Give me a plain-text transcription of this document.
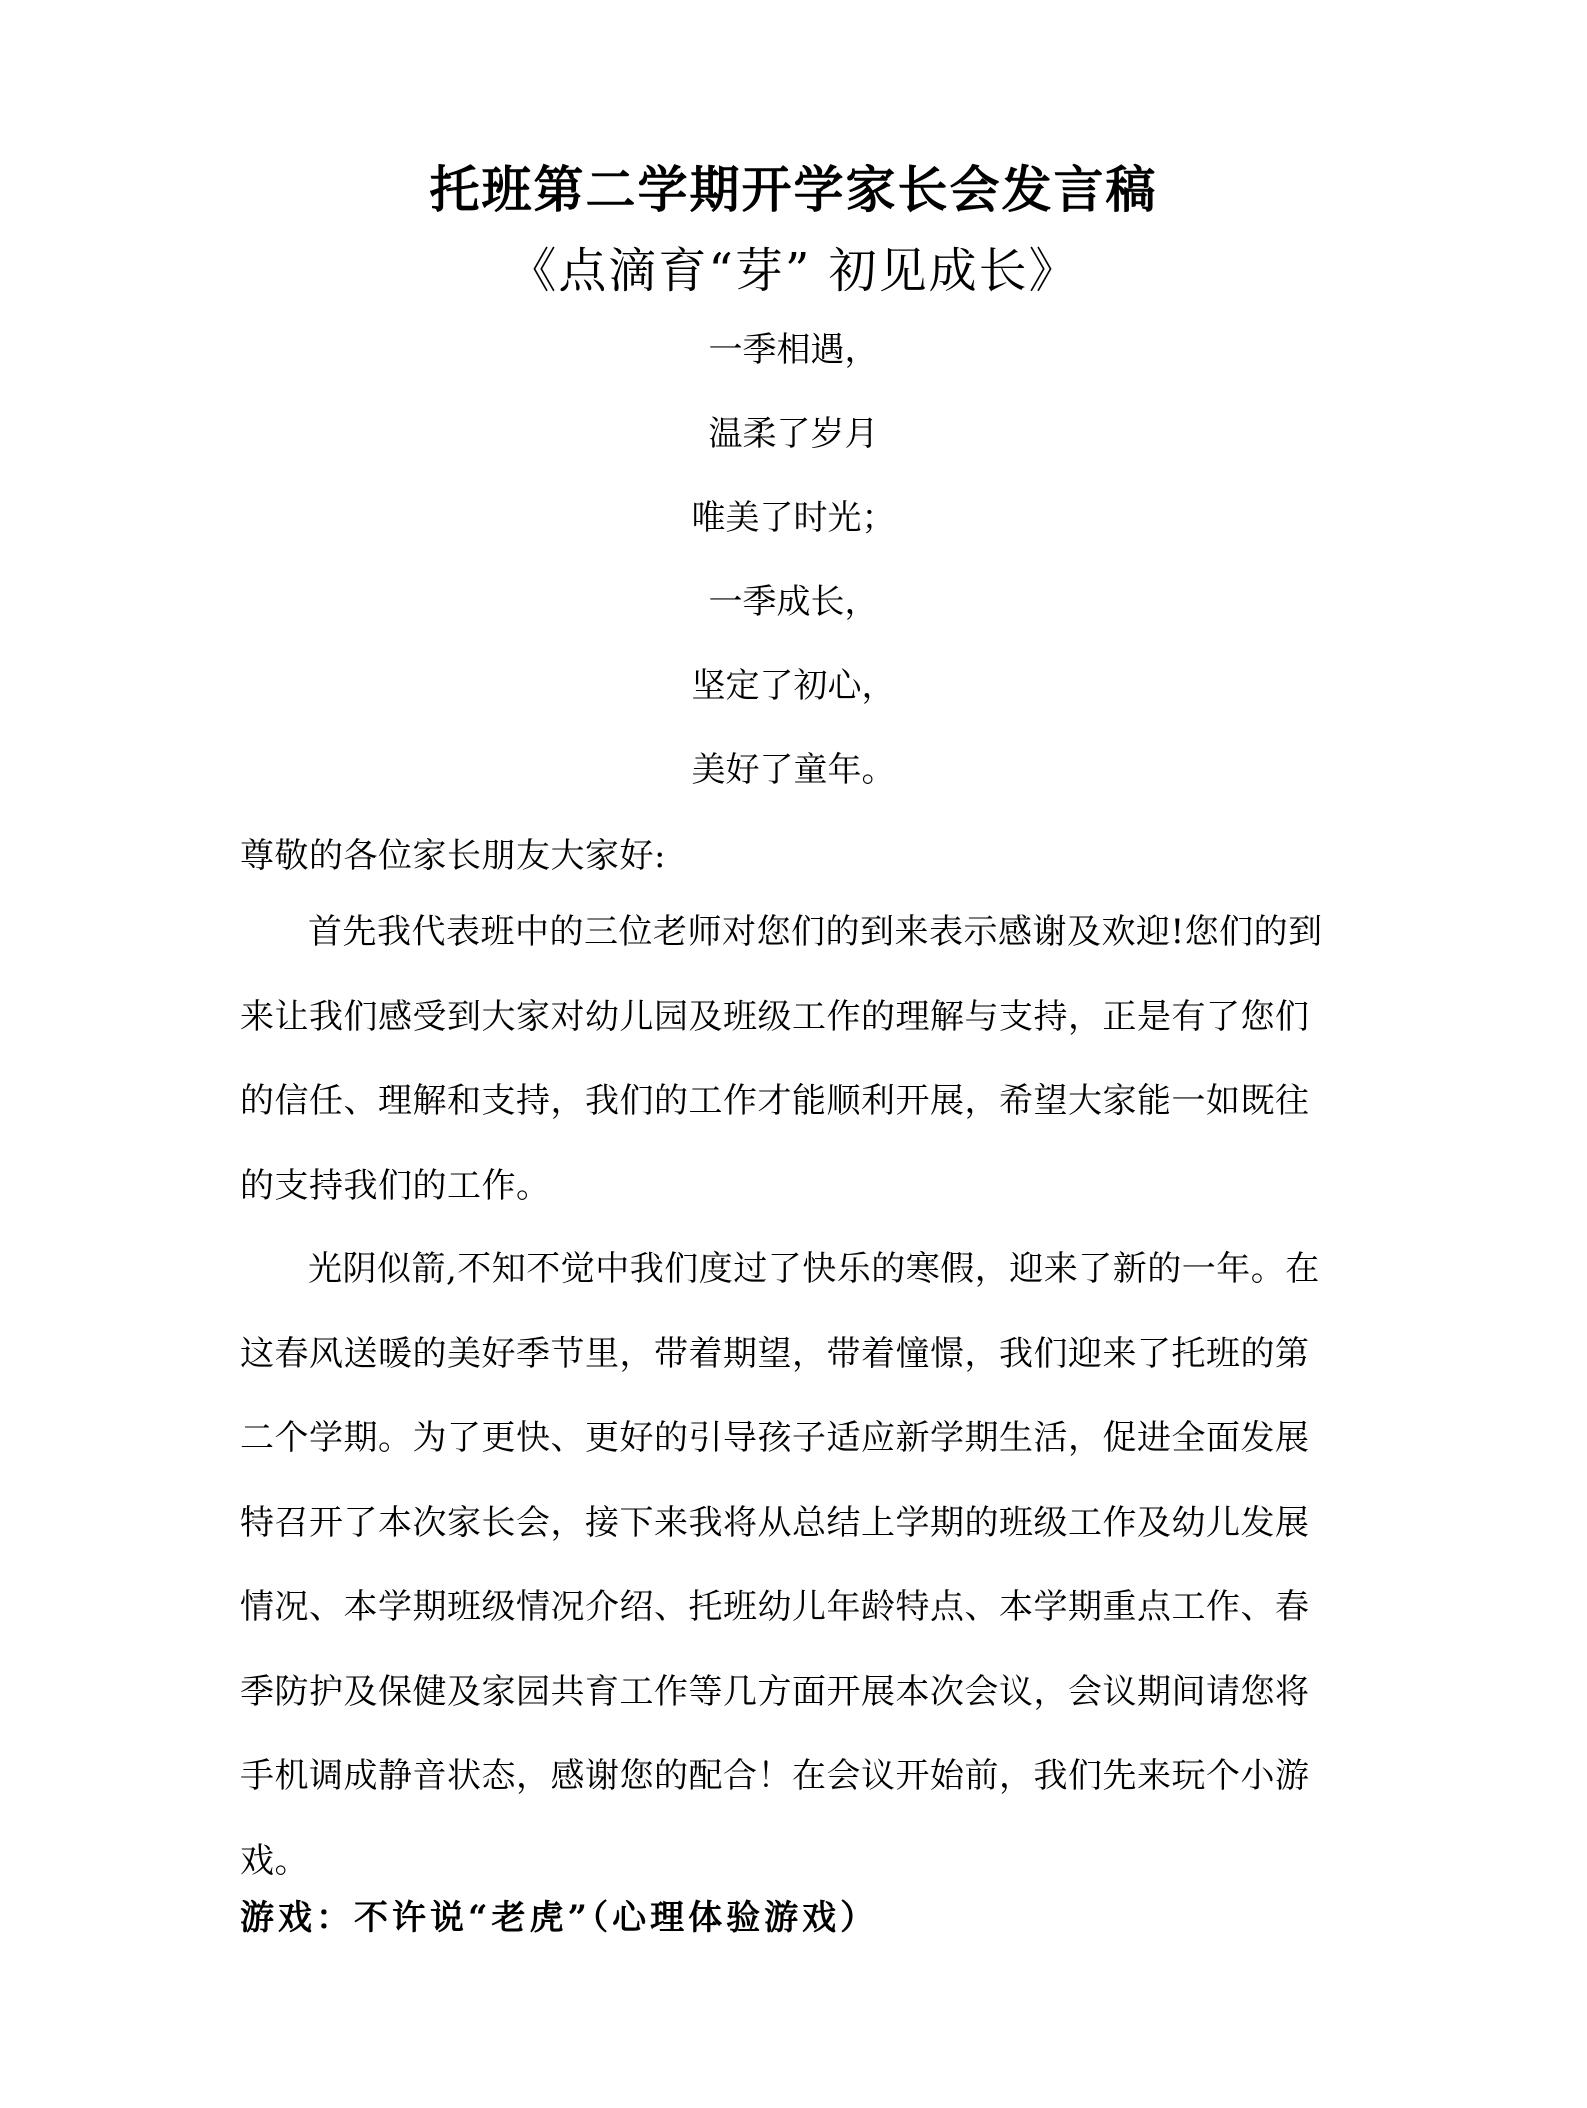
托班第二学期开学家长会发言稿
《点滴育“芽” 初见成长》
一季相遇，
温柔了岁月
唯美了时光；
一季成长，
坚定了初心，
美好了童年。
尊敬的各位家长朋友大家好:
首先我代表班中的三位老师对您们的到来表示感谢及欢迎!您们的到来让我们感受到大家对幼儿园及班级工作的理解与支持，正是有了您们的信任、理解和支持，我们的工作才能顺利开展，希望大家能一如既往的支持我们的工作。
光阴似箭,不知不觉中我们度过了快乐的寒假，迎来了新的一年。在这春风送暖的美好季节里，带着期望，带着憧憬，我们迎来了托班的第二个学期。为了更快、更好的引导孩子适应新学期生活，促进全面发展特召开了本次家长会，接下来我将从总结上学期的班级工作及幼儿发展情况、本学期班级情况介绍、托班幼儿年龄特点、本学期重点工作、春季防护及保健及家园共育工作等几方面开展本次会议，会议期间请您将手机调成静音状态，感谢您的配合！在会议开始前，我们先来玩个小游戏。
游戏：不许说“老虎”（心理体验游戏）
